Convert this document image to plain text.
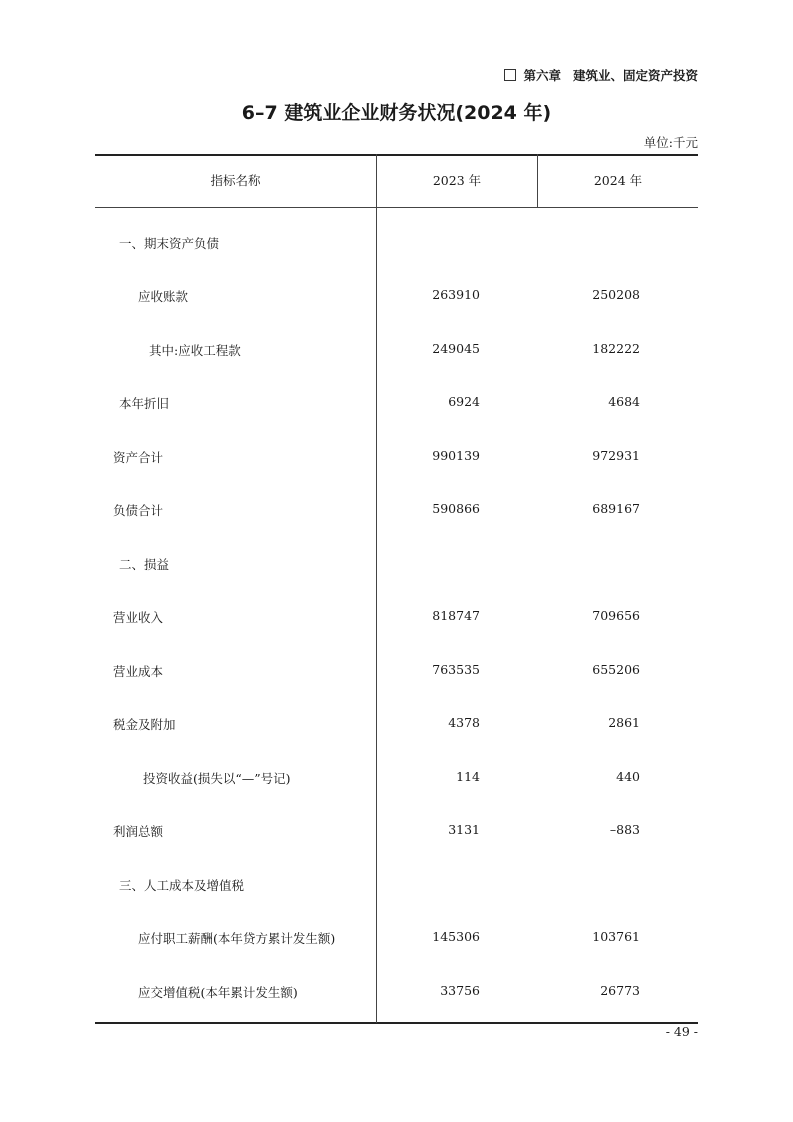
第六章 建筑业、固定资产投资
6–7 建筑业企业财务状况(2024 年)
单位:千元
指标名称	2023 年	2024 年
一、期末资产负债
应收账款	263910	250208
其中:应收工程款	249045	182222
本年折旧	6924	4684
资产合计	990139	972931
负债合计	590866	689167
二、损益
营业收入	818747	709656
营业成本	763535	655206
税金及附加	4378	2861
投资收益(损失以“—”号记)	114	440
利润总额	3131	–883
三、人工成本及增值税
应付职工薪酬(本年贷方累计发生额)	145306	103761
应交增值税(本年累计发生额)	33756	26773
- 49 -
